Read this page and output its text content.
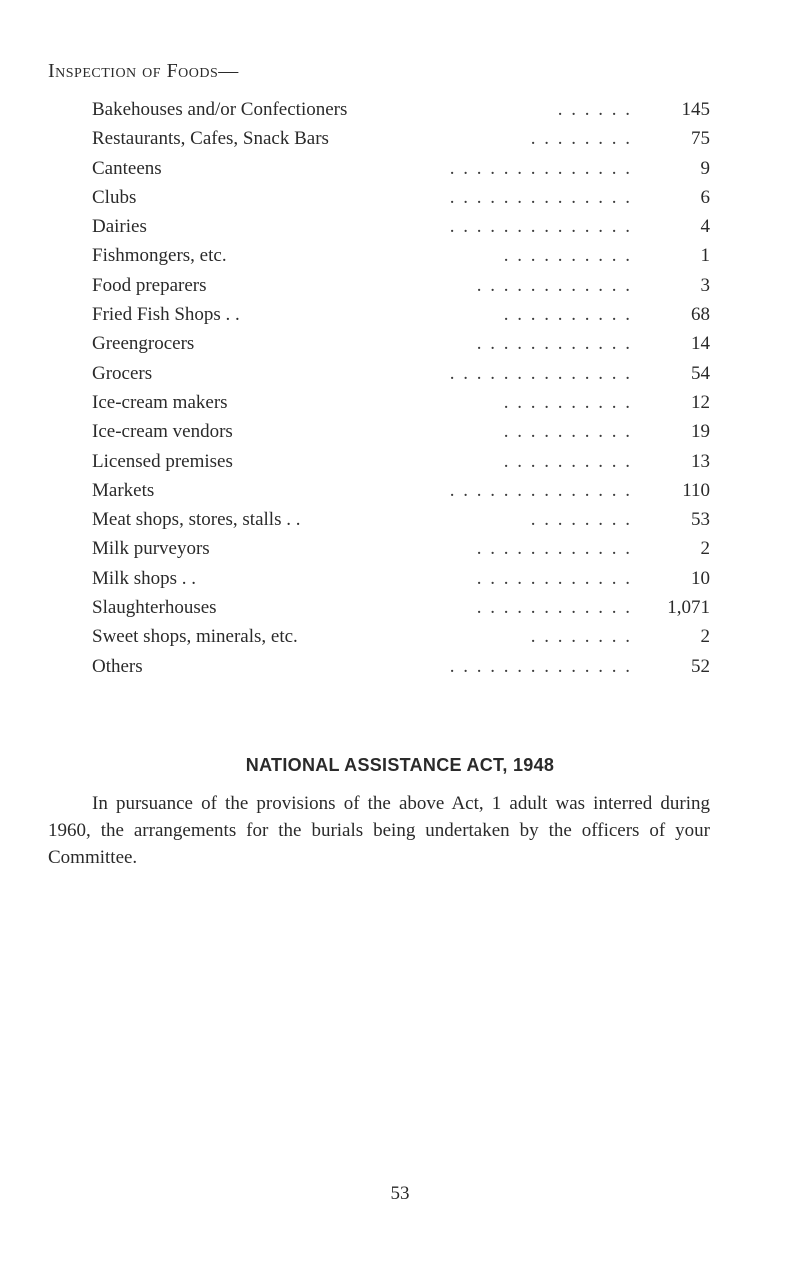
Inspection of Foods—
. . . . . .
Bakehouses and/or Confectioners	145
. . . . . . . .
Restaurants, Cafes, Snack Bars	75
. . . . . . . . . . . . . .
Canteens	9
. . . . . . . . . . . . . .
Clubs	6
. . . . . . . . . . . . . .
Dairies	4
. . . . . . . . . .
Fishmongers, etc.	1
. . . . . . . . . . . .
Food preparers	3
. . . . . . . . . .
Fried Fish Shops . .	68
. . . . . . . . . . . .
Greengrocers	14
. . . . . . . . . . . . . .
Grocers	54
. . . . . . . . . .
Ice-cream makers	12
. . . . . . . . . .
Ice-cream vendors	19
. . . . . . . . . .
Licensed premises	13
. . . . . . . . . . . . . .
Markets	110
. . . . . . . .
Meat shops, stores, stalls . .	53
. . . . . . . . . . . .
Milk purveyors	2
. . . . . . . . . . . .
Milk shops . .	10
. . . . . . . . . . . .
Slaughterhouses	1,071
. . . . . . . .
Sweet shops, minerals, etc.	2
. . . . . . . . . . . . . .
Others	52
NATIONAL ASSISTANCE ACT, 1948

In pursuance of the provisions of the above Act, 1 adult was interred during 1960, the arrangements for the burials being undertaken by the officers of your Committee.

53
